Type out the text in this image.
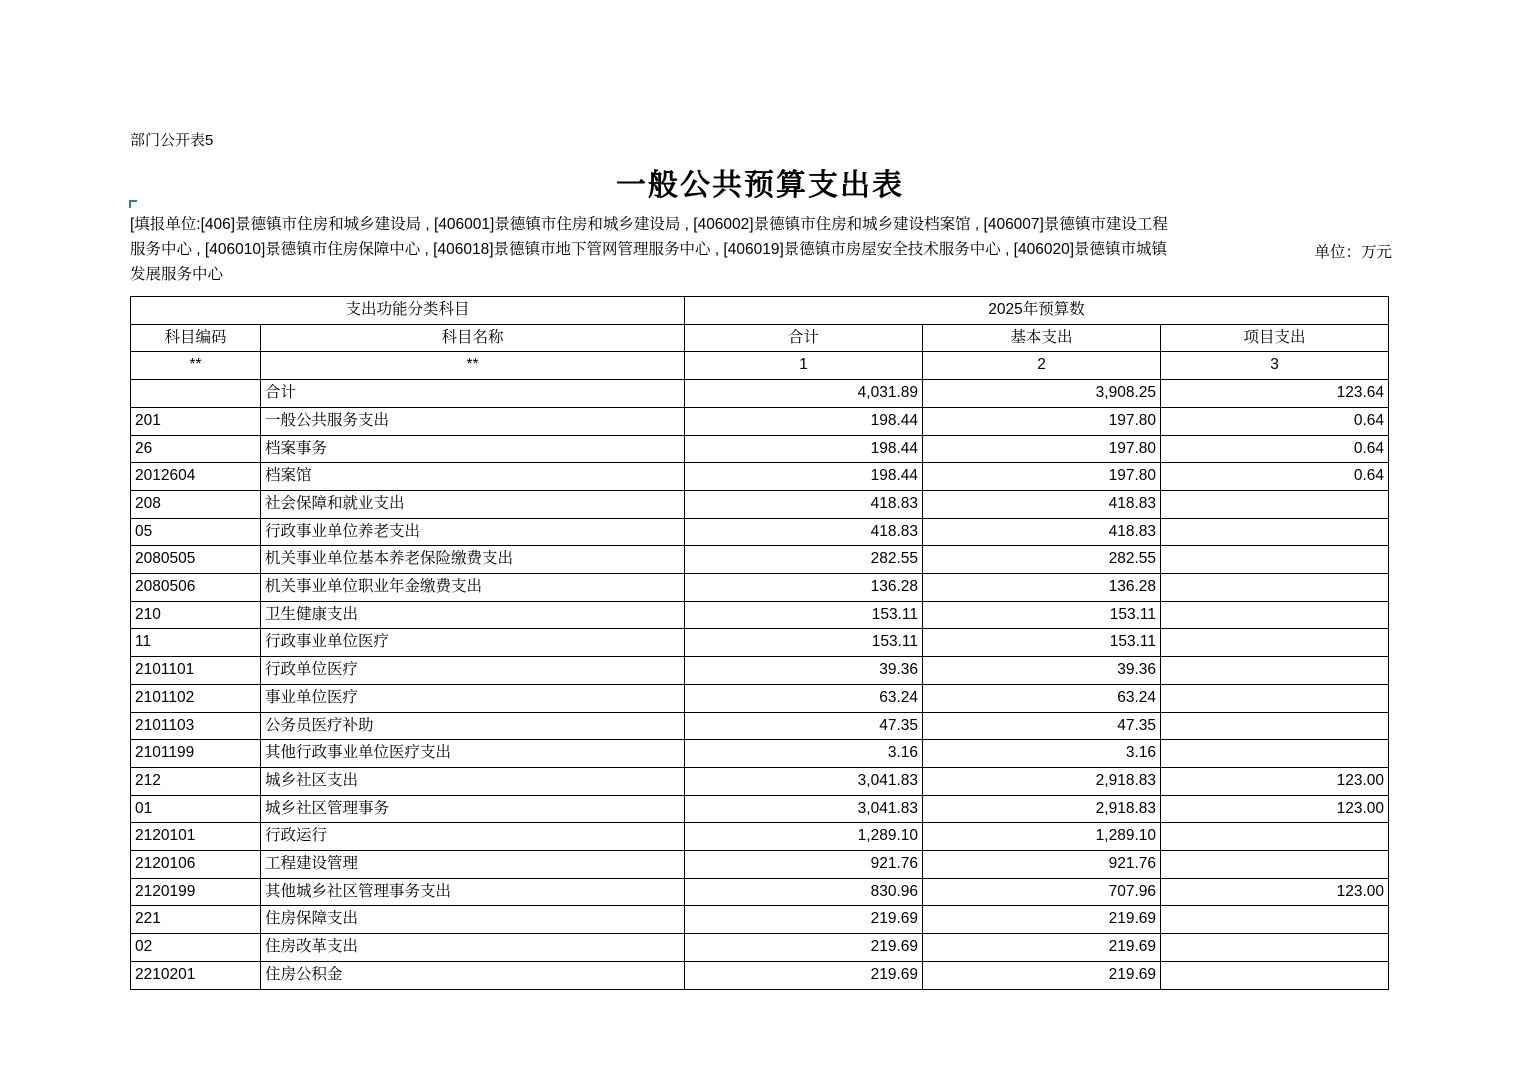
部门公开表5
一般公共预算支出表
[填报单位:[406]景德镇市住房和城乡建设局 , [406001]景德镇市住房和城乡建设局 , [406002]景德镇市住房和城乡建设档案馆 , [406007]景德镇市建设工程服务中心 , [406010]景德镇市住房保障中心 , [406018]景德镇市地下管网管理服务中心 , [406019]景德镇市房屋安全技术服务中心 , [406020]景德镇市城镇发展服务中心
单位：万元
支出功能分类科目		2025年预算数		
科目编码	科目名称	合计	基本支出	项目支出
**	**	1	2	3
	合计	4,031.89	3,908.25	123.64
201	一般公共服务支出	198.44	197.80	0.64
26	档案事务	198.44	197.80	0.64
2012604	档案馆	198.44	197.80	0.64
208	社会保障和就业支出	418.83	418.83	
05	行政事业单位养老支出	418.83	418.83	
2080505	机关事业单位基本养老保险缴费支出	282.55	282.55	
2080506	机关事业单位职业年金缴费支出	136.28	136.28	
210	卫生健康支出	153.11	153.11	
11	行政事业单位医疗	153.11	153.11	
2101101	行政单位医疗	39.36	39.36	
2101102	事业单位医疗	63.24	63.24	
2101103	公务员医疗补助	47.35	47.35	
2101199	其他行政事业单位医疗支出	3.16	3.16	
212	城乡社区支出	3,041.83	2,918.83	123.00
01	城乡社区管理事务	3,041.83	2,918.83	123.00
2120101	行政运行	1,289.10	1,289.10	
2120106	工程建设管理	921.76	921.76	
2120199	其他城乡社区管理事务支出	830.96	707.96	123.00
221	住房保障支出	219.69	219.69	
02	住房改革支出	219.69	219.69	
2210201	住房公积金	219.69	219.69	
